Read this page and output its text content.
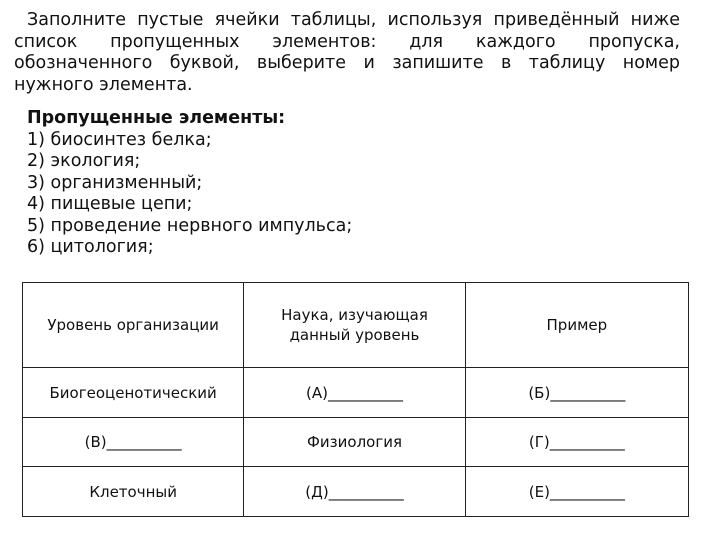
Заполните пустые ячейки таблицы, используя приведённый ниже список пропущенных элементов: для каждого пропуска, обозначенного буквой, выберите и запишите в таблицу номер нужного элемента.

Пропущенные элементы:

1) биосинтез белка;

2) экология;

3) организменный;

4) пищевые цепи;

5) проведение нервного импульса;

6) цитология;

Уровень организации	Наука, изучающая данный уровень	Пример
Биогеоценотический	(А)__________	(Б)__________
(В)__________	Физиология	(Г)__________
Клеточный	(Д)__________	(Е)__________
